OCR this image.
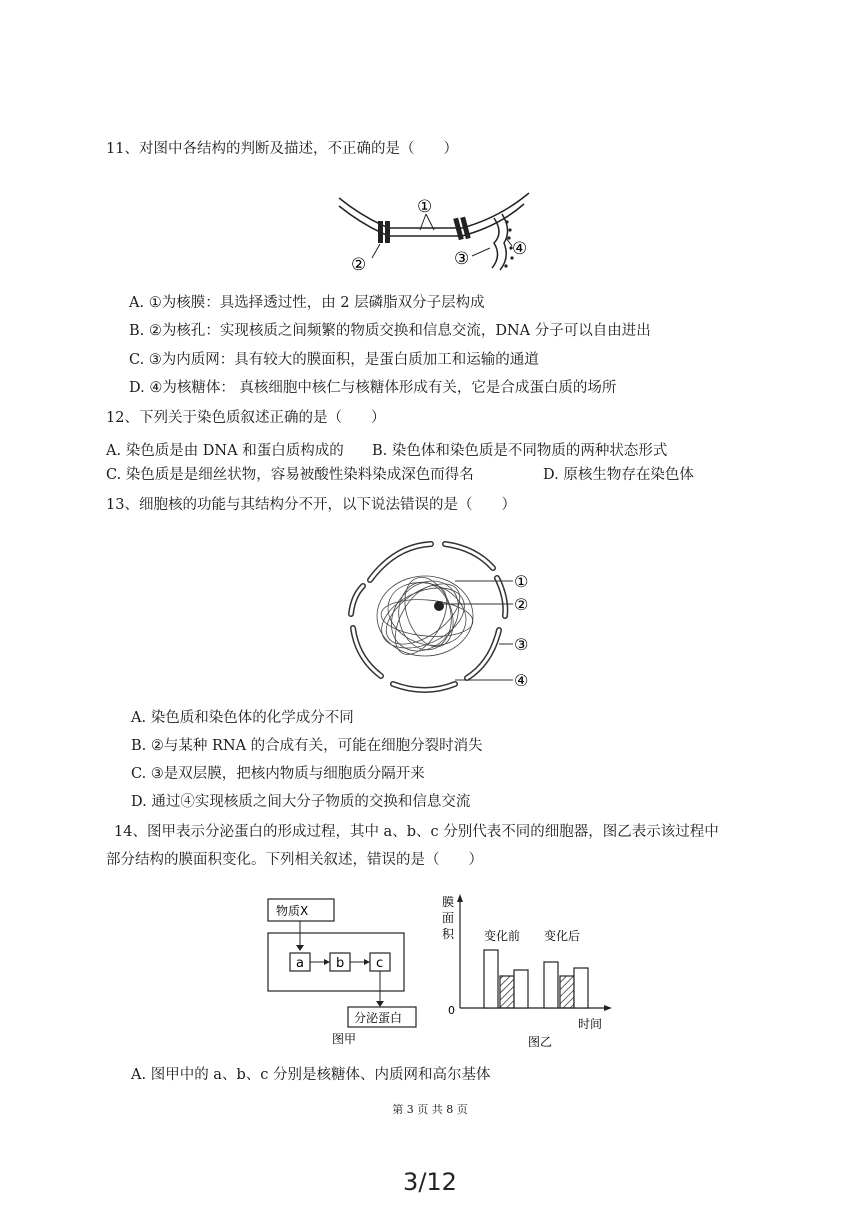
11、对图中各结构的判断及描述，不正确的是（　　）
①
②	③	④
A. ①为核膜：具选择透过性，由 2 层磷脂双分子层构成
B. ②为核孔：实现核质之间频繁的物质交换和信息交流，DNA 分子可以自由进出
C. ③为内质网：具有较大的膜面积，是蛋白质加工和运输的通道
D. ④为核糖体： 真核细胞中核仁与核糖体形成有关，它是合成蛋白质的场所
12、下列关于染色质叙述正确的是（　　）
A. 染色质是由 DNA 和蛋白质构成的 B. 染色体和染色质是不同物质的两种状态形式
C. 染色质是是细丝状物，容易被酸性染料染成深色而得名	D. 原核生物存在染色体
13、细胞核的功能与其结构分不开，以下说法错误的是（　　）
①
②
③
④
A. 染色质和染色体的化学成分不同
B. ②与某种 RNA 的合成有关，可能在细胞分裂时消失
C. ③是双层膜，把核内物质与细胞质分隔开来
D. 通过④实现核质之间大分子物质的交换和信息交流
14、图甲表示分泌蛋白的形成过程，其中 a、b、c 分别代表不同的细胞器，图乙表示该过程中
部分结构的膜面积变化。下列相关叙述，错误的是（　　）
物质X
a b c
分泌蛋白
图甲
膜
面
积
0
变化前 变化后
时间
图乙
A. 图甲中的 a、b、c 分别是核糖体、内质网和高尔基体
第 3 页 共 8 页
3/12
